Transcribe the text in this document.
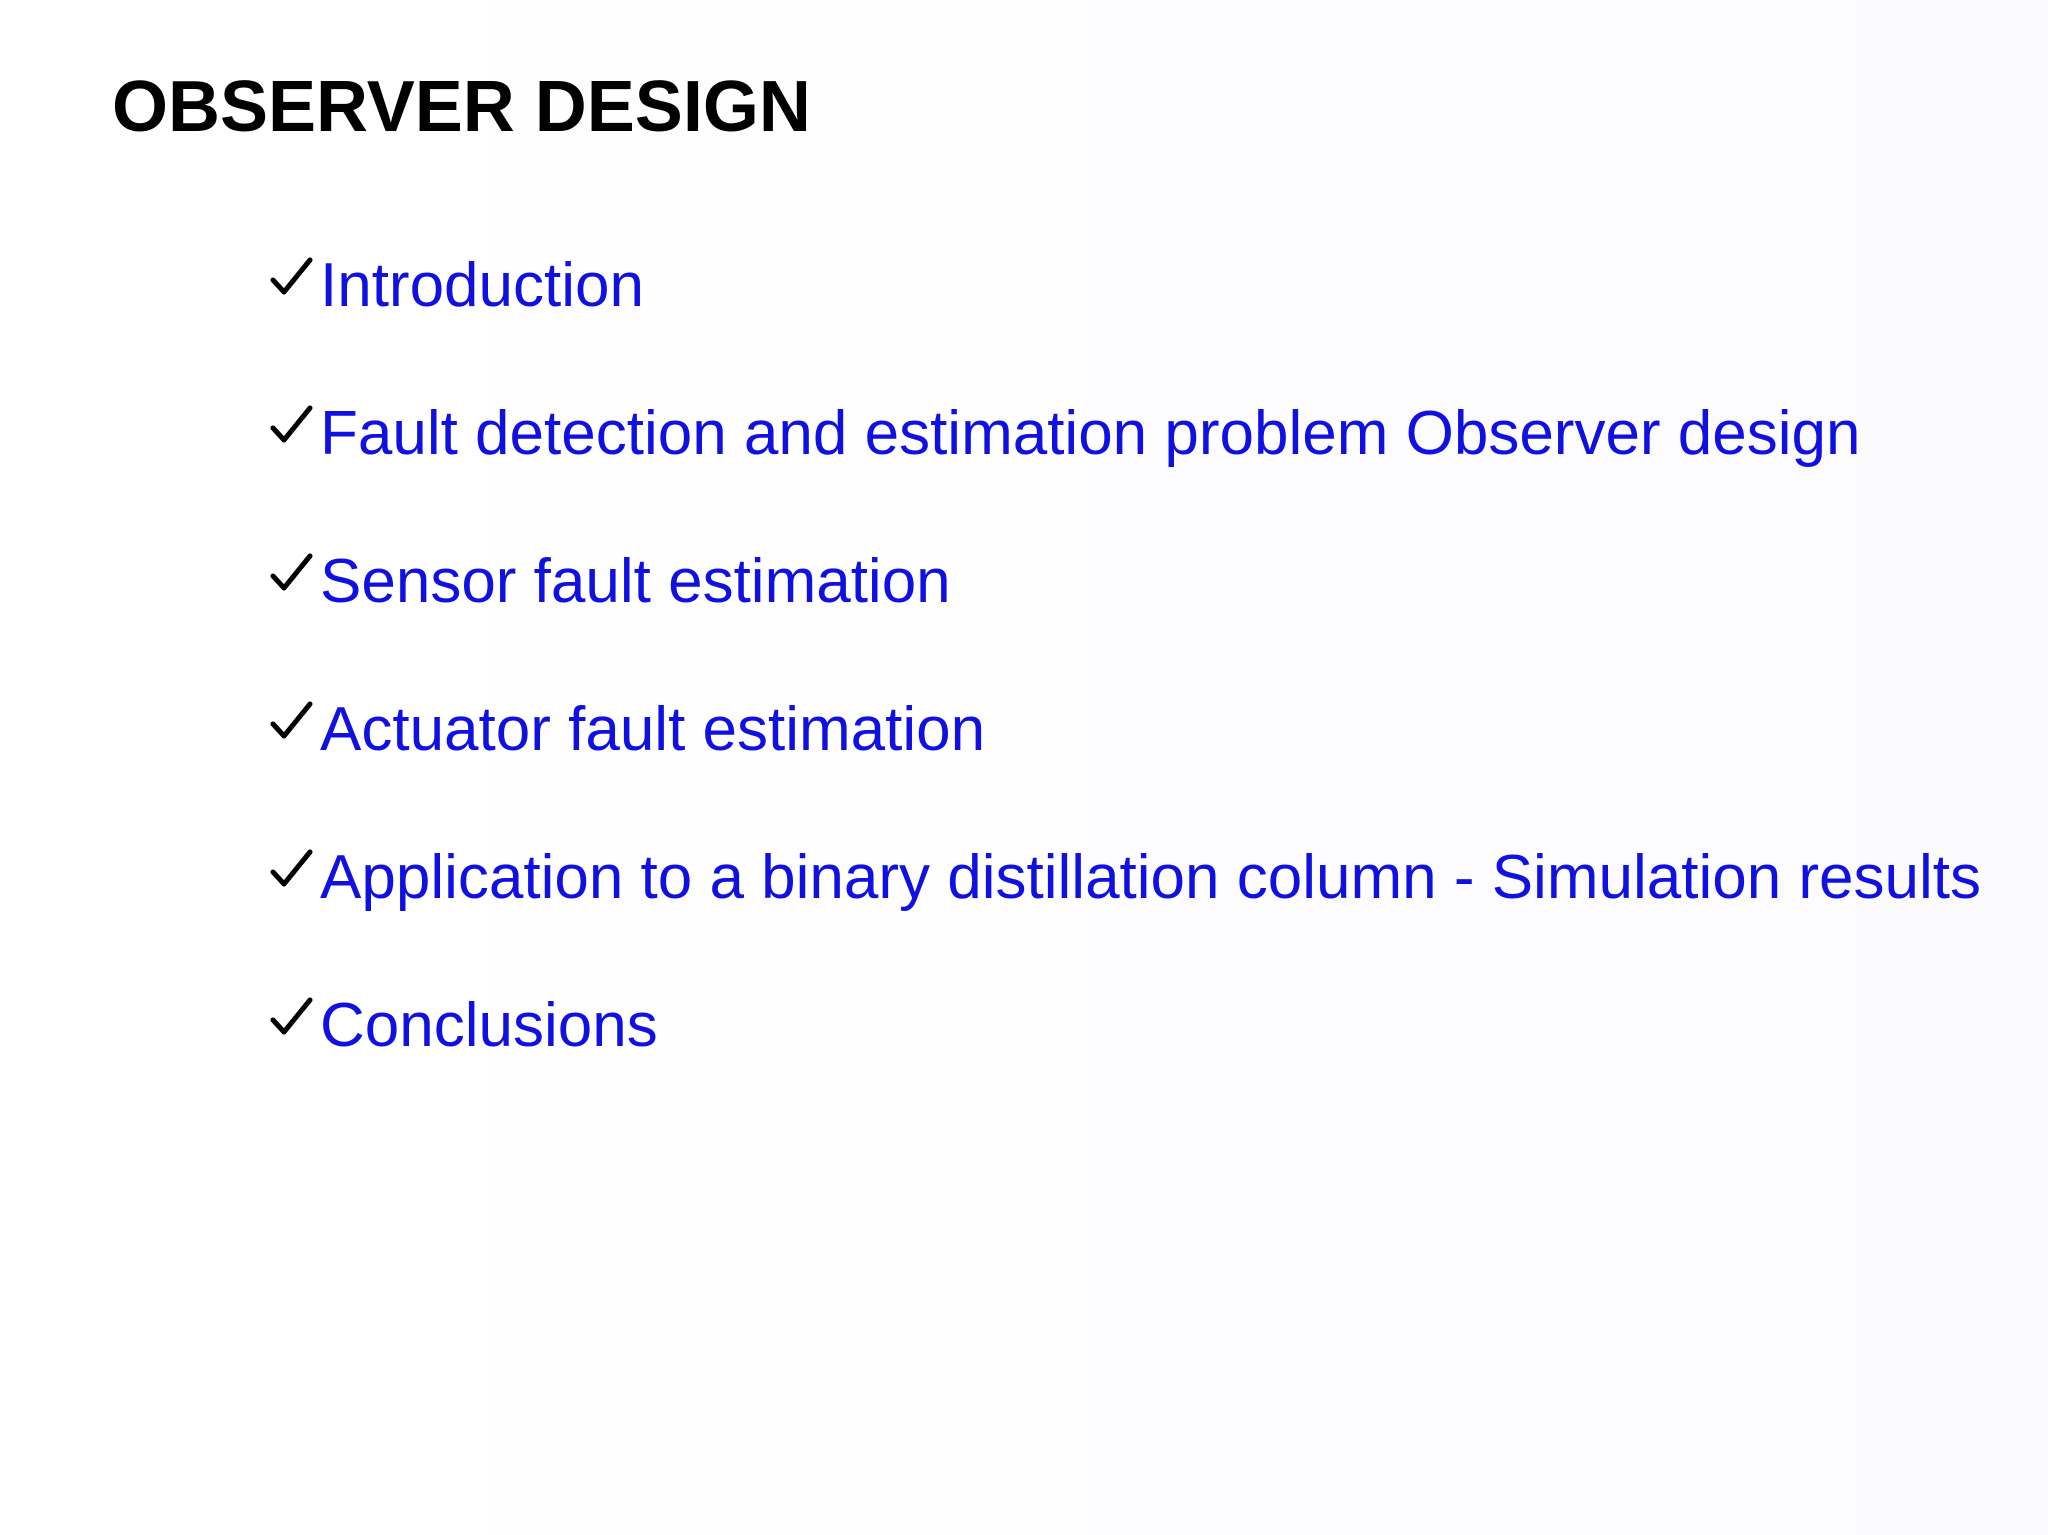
OBSERVER DESIGN
Introduction
Fault detection and estimation problem Observer design
Sensor fault estimation
Actuator fault estimation
Application to a binary distillation column - Simulation results
Conclusions
